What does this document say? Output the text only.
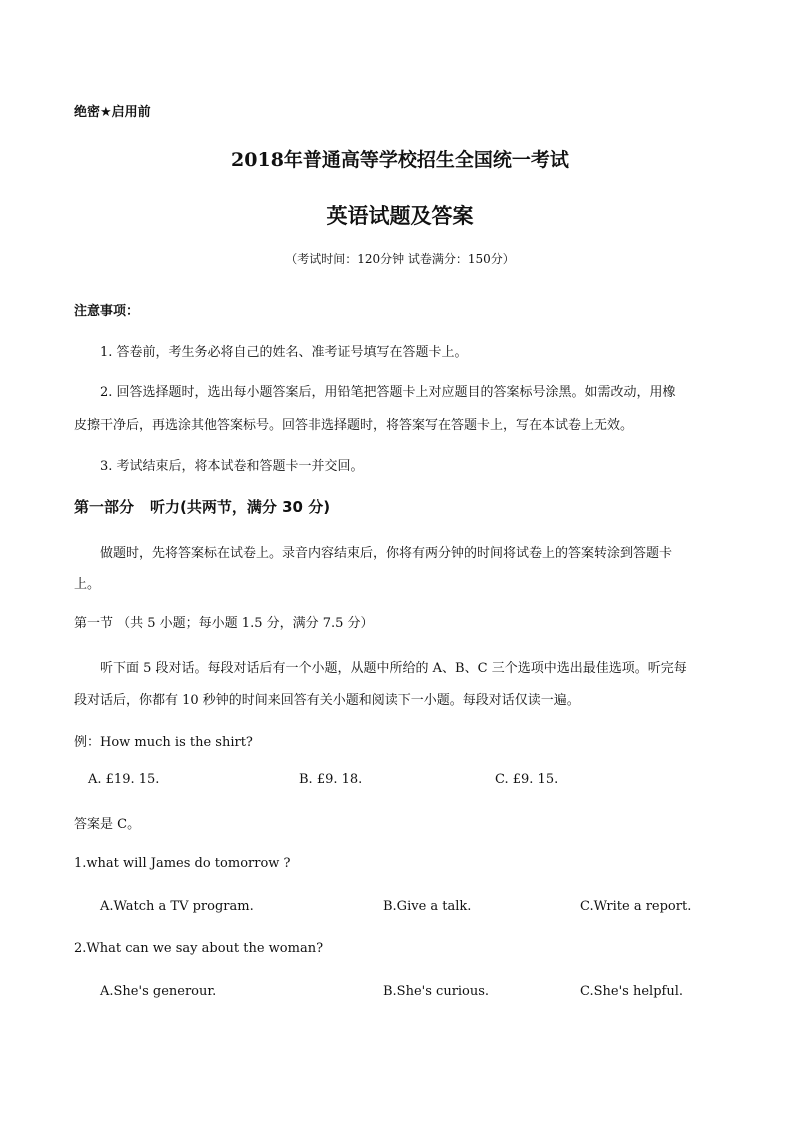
绝密★启用前
2018年普通高等学校招生全国统一考试
英语试题及答案
（考试时间：120分钟 试卷满分：150分）
注意事项：
1. 答卷前，考生务必将自己的姓名、准考证号填写在答题卡上。
2. 回答选择题时，选出每小题答案后，用铅笔把答题卡上对应题目的答案标号涂黑。如需改动，用橡
皮擦干净后，再选涂其他答案标号。回答非选择题时，将答案写在答题卡上，写在本试卷上无效。
3. 考试结束后，将本试卷和答题卡一并交回。
第一部分 听力(共两节，满分 30 分)
做题时，先将答案标在试卷上。录音内容结束后，你将有两分钟的时间将试卷上的答案转涂到答题卡
上。
第一节 （共 5 小题；每小题 1.5 分，满分 7.5 分）
听下面 5 段对话。每段对话后有一个小题，从题中所给的 A、B、C 三个选项中选出最佳选项。听完每
段对话后，你都有 10 秒钟的时间来回答有关小题和阅读下一小题。每段对话仅读一遍。
例：How much is the shirt?
A. £19. 15.	B. £9. 18.	C. £9. 15.
答案是 C。
1.what will James do tomorrow ?
A.Watch a TV program.	B.Give a talk.	C.Write a report.
2.What can we say about the woman?
A.She's generour.	B.She's curious.	C.She's helpful.
